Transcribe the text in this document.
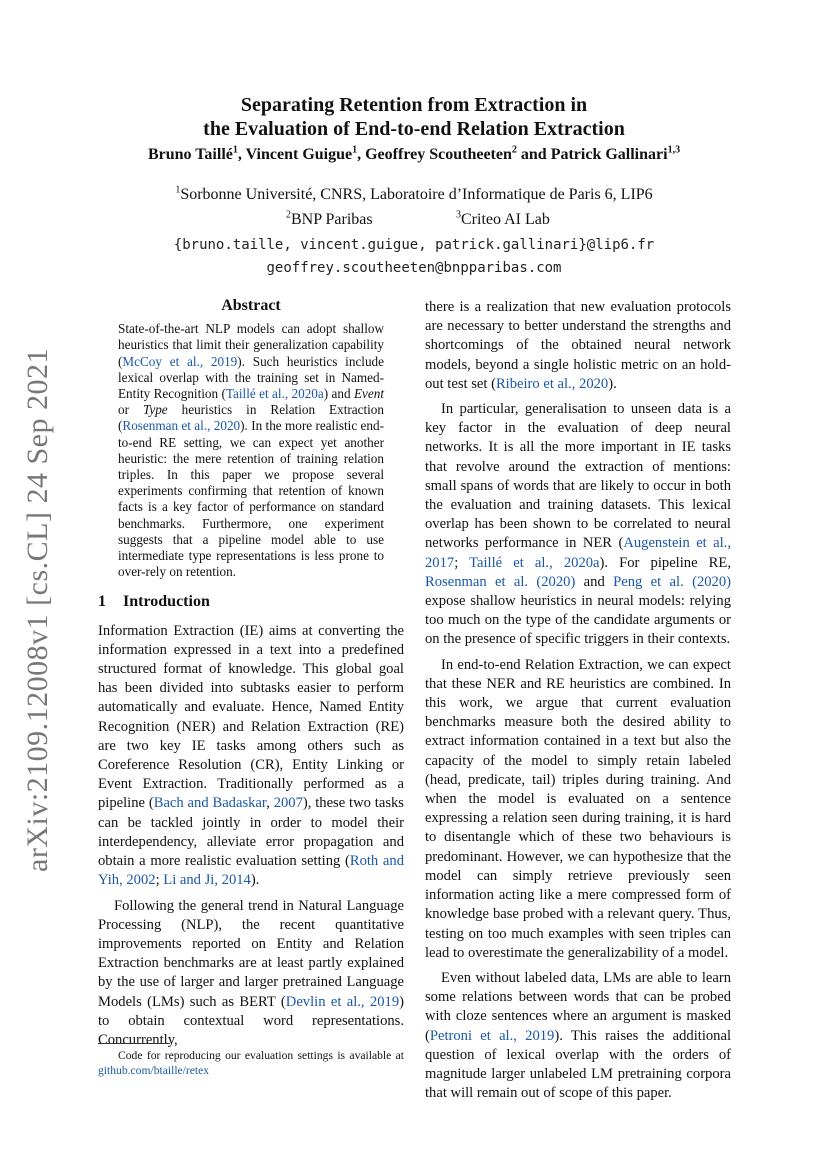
arXiv:2109.12008v1 [cs.CL] 24 Sep 2021
Separating Retention from Extraction in
the Evaluation of End-to-end Relation Extraction
Bruno Taillé$^1$, Vincent Guigue$^1$, Geoffrey Scoutheeten$^2$ and Patrick Gallinari$^{1,3}$
$^1$Sorbonne Université, CNRS, Laboratoire d’Informatique de Paris 6, LIP6
$^2$BNP Paribas	$^3$Criteo AI Lab
{bruno.taille, vincent.guigue, patrick.gallinari}@lip6.fr
geoffrey.scoutheeten@bnpparibas.com

Abstract

State-of-the-art NLP models can adopt shallow heuristics that limit their generalization capability (McCoy et al., 2019). Such heuristics include lexical overlap with the training set in Named-Entity Recognition (Taillé et al., 2020a) and Event or Type heuristics in Relation Extraction (Rosenman et al., 2020). In the more realistic end-to-end RE setting, we can expect yet another heuristic: the mere retention of training relation triples. In this paper we propose several experiments confirming that retention of known facts is a key factor of performance on standard benchmarks. Furthermore, one experiment suggests that a pipeline model able to use intermediate type representations is less prone to over-rely on retention.

1 Introduction

Information Extraction (IE) aims at converting the information expressed in a text into a predefined structured format of knowledge. This global goal has been divided into subtasks easier to perform automatically and evaluate. Hence, Named Entity Recognition (NER) and Relation Extraction (RE) are two key IE tasks among others such as Coreference Resolution (CR), Entity Linking or Event Extraction. Traditionally performed as a pipeline (Bach and Badaskar, 2007), these two tasks can be tackled jointly in order to model their interdependency, alleviate error propagation and obtain a more realistic evaluation setting (Roth and Yih, 2002; Li and Ji, 2014).

Following the general trend in Natural Language Processing (NLP), the recent quantitative improvements reported on Entity and Relation Extraction benchmarks are at least partly explained by the use of larger and larger pretrained Language Models (LMs) such as BERT (Devlin et al., 2019) to obtain contextual word representations. Concurrently,

there is a realization that new evaluation protocols are necessary to better understand the strengths and shortcomings of the obtained neural network models, beyond a single holistic metric on an hold-out test set (Ribeiro et al., 2020).

In particular, generalisation to unseen data is a key factor in the evaluation of deep neural networks. It is all the more important in IE tasks that revolve around the extraction of mentions: small spans of words that are likely to occur in both the evaluation and training datasets. This lexical overlap has been shown to be correlated to neural networks performance in NER (Augenstein et al., 2017; Taillé et al., 2020a). For pipeline RE, Rosenman et al. (2020) and Peng et al. (2020) expose shallow heuristics in neural models: relying too much on the type of the candidate arguments or on the presence of specific triggers in their contexts.

In end-to-end Relation Extraction, we can expect that these NER and RE heuristics are combined. In this work, we argue that current evaluation benchmarks measure both the desired ability to extract information contained in a text but also the capacity of the model to simply retain labeled (head, predicate, tail) triples during training. And when the model is evaluated on a sentence expressing a relation seen during training, it is hard to disentangle which of these two behaviours is predominant. However, we can hypothesize that the model can simply retrieve previously seen information acting like a mere compressed form of knowledge base probed with a relevant query. Thus, testing on too much examples with seen triples can lead to overestimate the generalizability of a model.

Even without labeled data, LMs are able to learn some relations between words that can be probed with cloze sentences where an argument is masked (Petroni et al., 2019). This raises the additional question of lexical overlap with the orders of magnitude larger unlabeled LM pretraining corpora that will remain out of scope of this paper.

Code for reproducing our evaluation settings is available at github.com/btaille/retex
